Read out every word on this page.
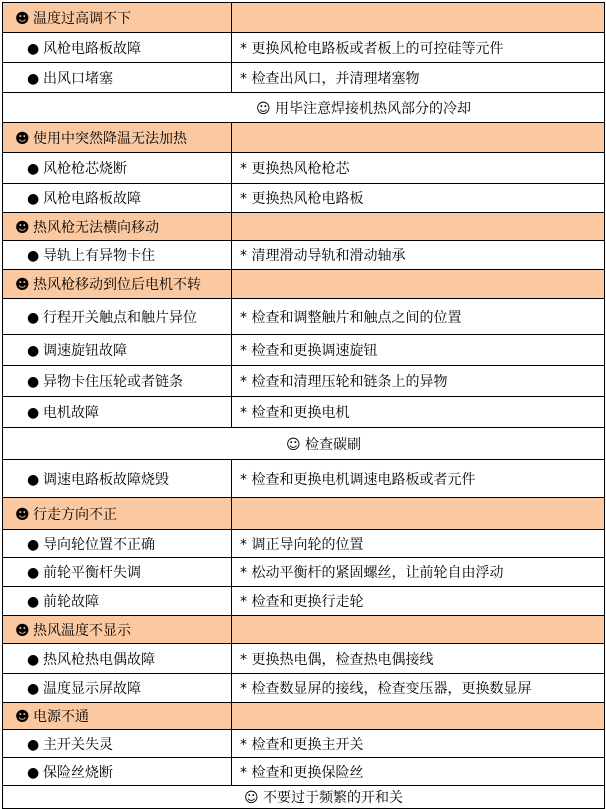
☻ 温度过高调不下	
● 风枪电路板故障	* 更换风枪电路板或者板上的可控硅等元件
● 出风口堵塞	* 检查出风口，并清理堵塞物
☺ 用毕注意焊接机热风部分的冷却	
☻ 使用中突然降温无法加热	
● 风枪枪芯烧断	* 更换热风枪枪芯
● 风枪电路板故障	* 更换热风枪电路板
☻ 热风枪无法横向移动	
● 导轨上有异物卡住	* 清理滑动导轨和滑动轴承
☻ 热风枪移动到位后电机不转	
● 行程开关触点和触片异位	* 检查和调整触片和触点之间的位置
● 调速旋钮故障	* 检查和更换调速旋钮
● 异物卡住压轮或者链条	* 检查和清理压轮和链条上的异物
● 电机故障	* 检查和更换电机
☺ 检查碳刷	
● 调速电路板故障烧毁	* 检查和更换电机调速电路板或者元件
☻ 行走方向不正	
● 导向轮位置不正确	* 调正导向轮的位置
● 前轮平衡杆失调	* 松动平衡杆的紧固螺丝，让前轮自由浮动
● 前轮故障	* 检查和更换行走轮
☻ 热风温度不显示	
● 热风枪热电偶故障	* 更换热电偶，检查热电偶接线
● 温度显示屏故障	* 检查数显屏的接线，检查变压器，更换数显屏
☻ 电源不通	
● 主开关失灵	* 检查和更换主开关
● 保险丝烧断	* 检查和更换保险丝
☺ 不要过于频繁的开和关	
